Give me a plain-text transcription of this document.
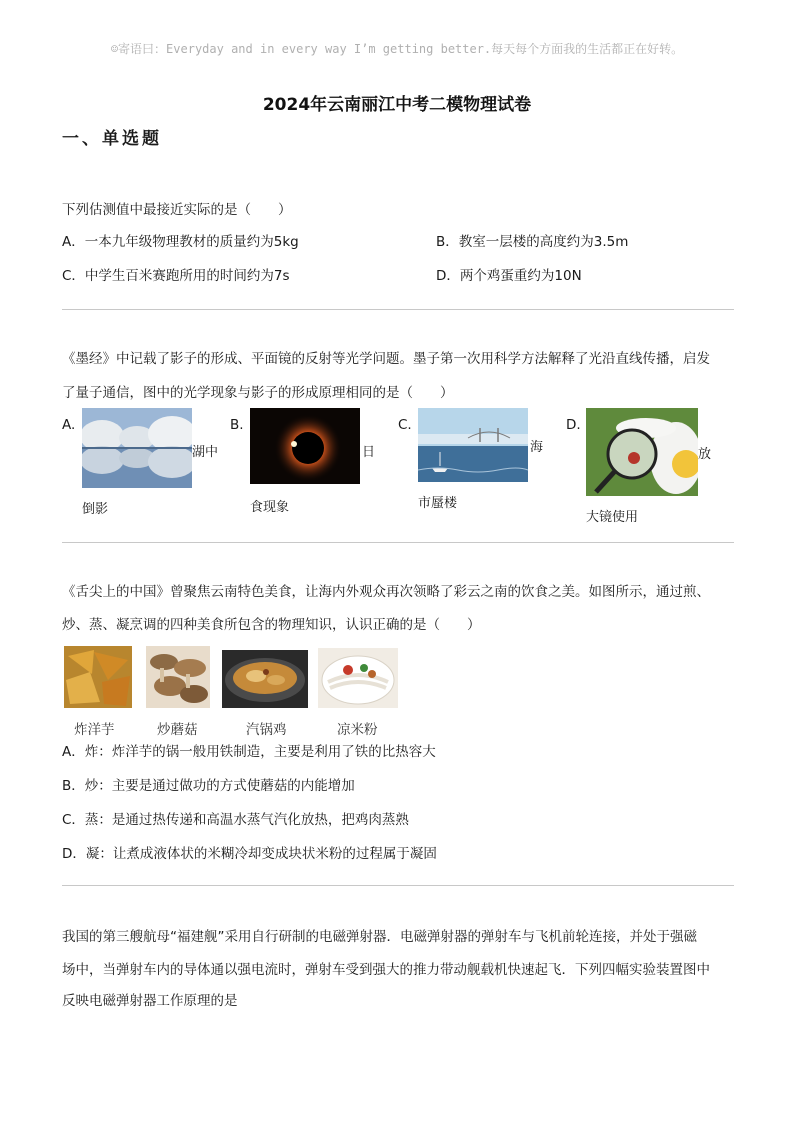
☺寄语曰：Everyday and in every way I’m getting better.每天每个方面我的生活都正在好转。
2024年云南丽江中考二模物理试卷
一、单选题
下列估测值中最接近实际的是（　　）
A．一本九年级物理教材的质量约为5kg	B．教室一层楼的高度约为3.5m
C．中学生百米赛跑所用的时间约为7s	D．两个鸡蛋重约为10N
《墨经》中记载了影子的形成、平面镜的反射等光学问题。墨子第一次用科学方法解释了光沿直线传播，启发
了量子通信，图中的光学现象与影子的形成原理相同的是（　　）
A.
湖中
倒影
B.
日
食现象
C.
海
市蜃楼
D.
放
大镜使用
《舌尖上的中国》曾聚焦云南特色美食，让海内外观众再次领略了彩云之南的饮食之美。如图所示，通过煎、
炒、蒸、凝烹调的四种美食所包含的物理知识，认识正确的是（　　）
炸洋芋	炒蘑菇	汽锅鸡	凉米粉
A．炸：炸洋芋的锅一般用铁制造，主要是利用了铁的比热容大
B．炒：主要是通过做功的方式使蘑菇的内能增加
C．蒸：是通过热传递和高温水蒸气汽化放热，把鸡肉蒸熟
D．凝：让煮成液体状的米糊冷却变成块状米粉的过程属于凝固
我国的第三艘航母“福建舰”采用自行研制的电磁弹射器．电磁弹射器的弹射车与飞机前轮连接，并处于强磁
场中，当弹射车内的导体通以强电流时，弹射车受到强大的推力带动舰载机快速起飞．下列四幅实验装置图中
反映电磁弹射器工作原理的是
